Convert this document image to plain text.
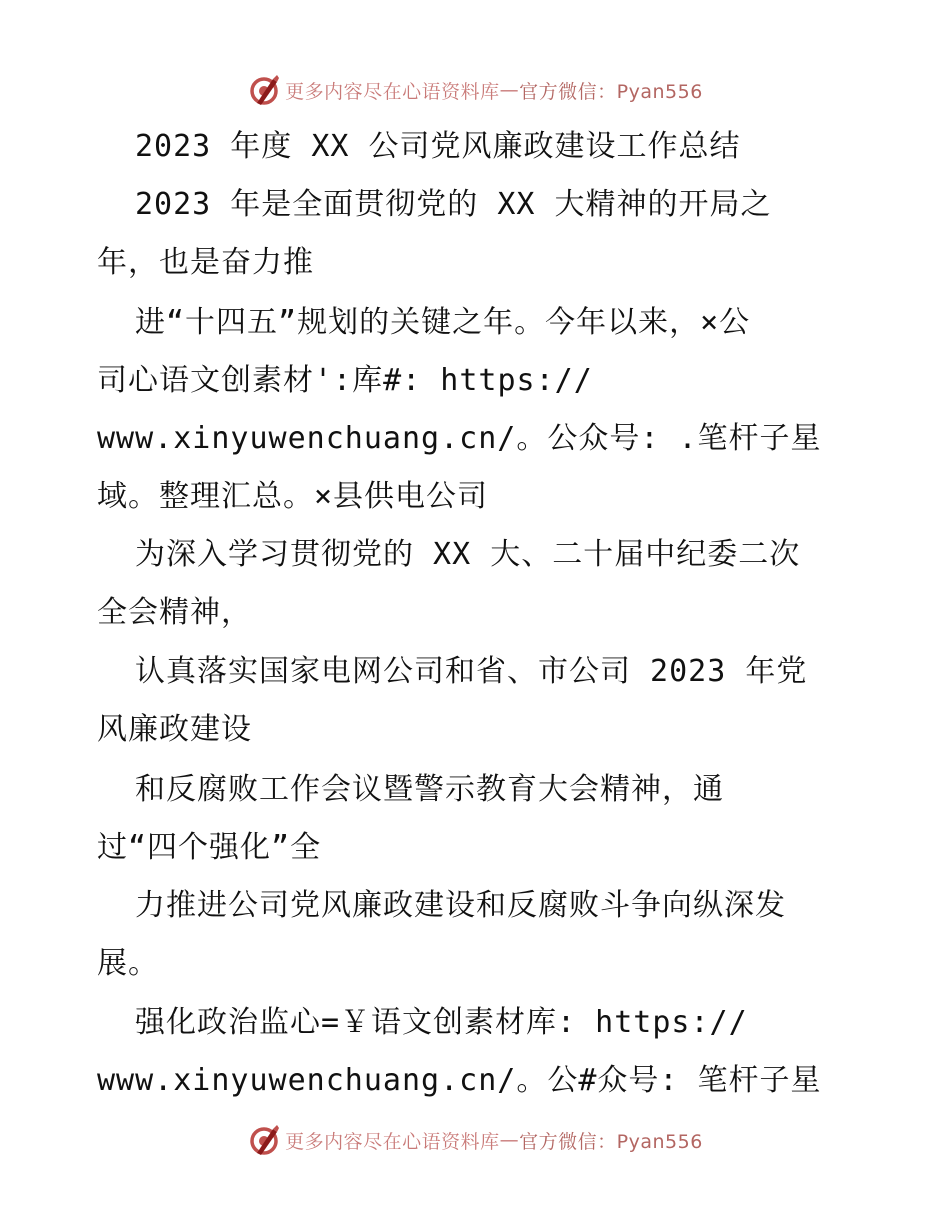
更多内容尽在心语资料库 — 官方微信：Pyan556
2023 年度 XX 公司党风廉政建设工作总结
2023 年是全面贯彻党的 XX 大精神的开局之
年，也是奋力推
进“十四五”规划的关键之年。今年以来，×公
司心语文创素材':库#: https://
www.xinyuwenchuang.cn/。公众号: .笔杆子星
域。整理汇总。×县供电公司
为深入学习贯彻党的 XX 大、二十届中纪委二次
全会精神，
认真落实国家电网公司和省、市公司 2023 年党
风廉政建设
和反腐败工作会议暨警示教育大会精神，通
过“四个强化”全
力推进公司党风廉政建设和反腐败斗争向纵深发
展。
强化政治监心=￥语文创素材库: https://
www.xinyuwenchuang.cn/。公#众号: 笔杆子星
更多内容尽在心语资料库 — 官方微信：Pyan556
